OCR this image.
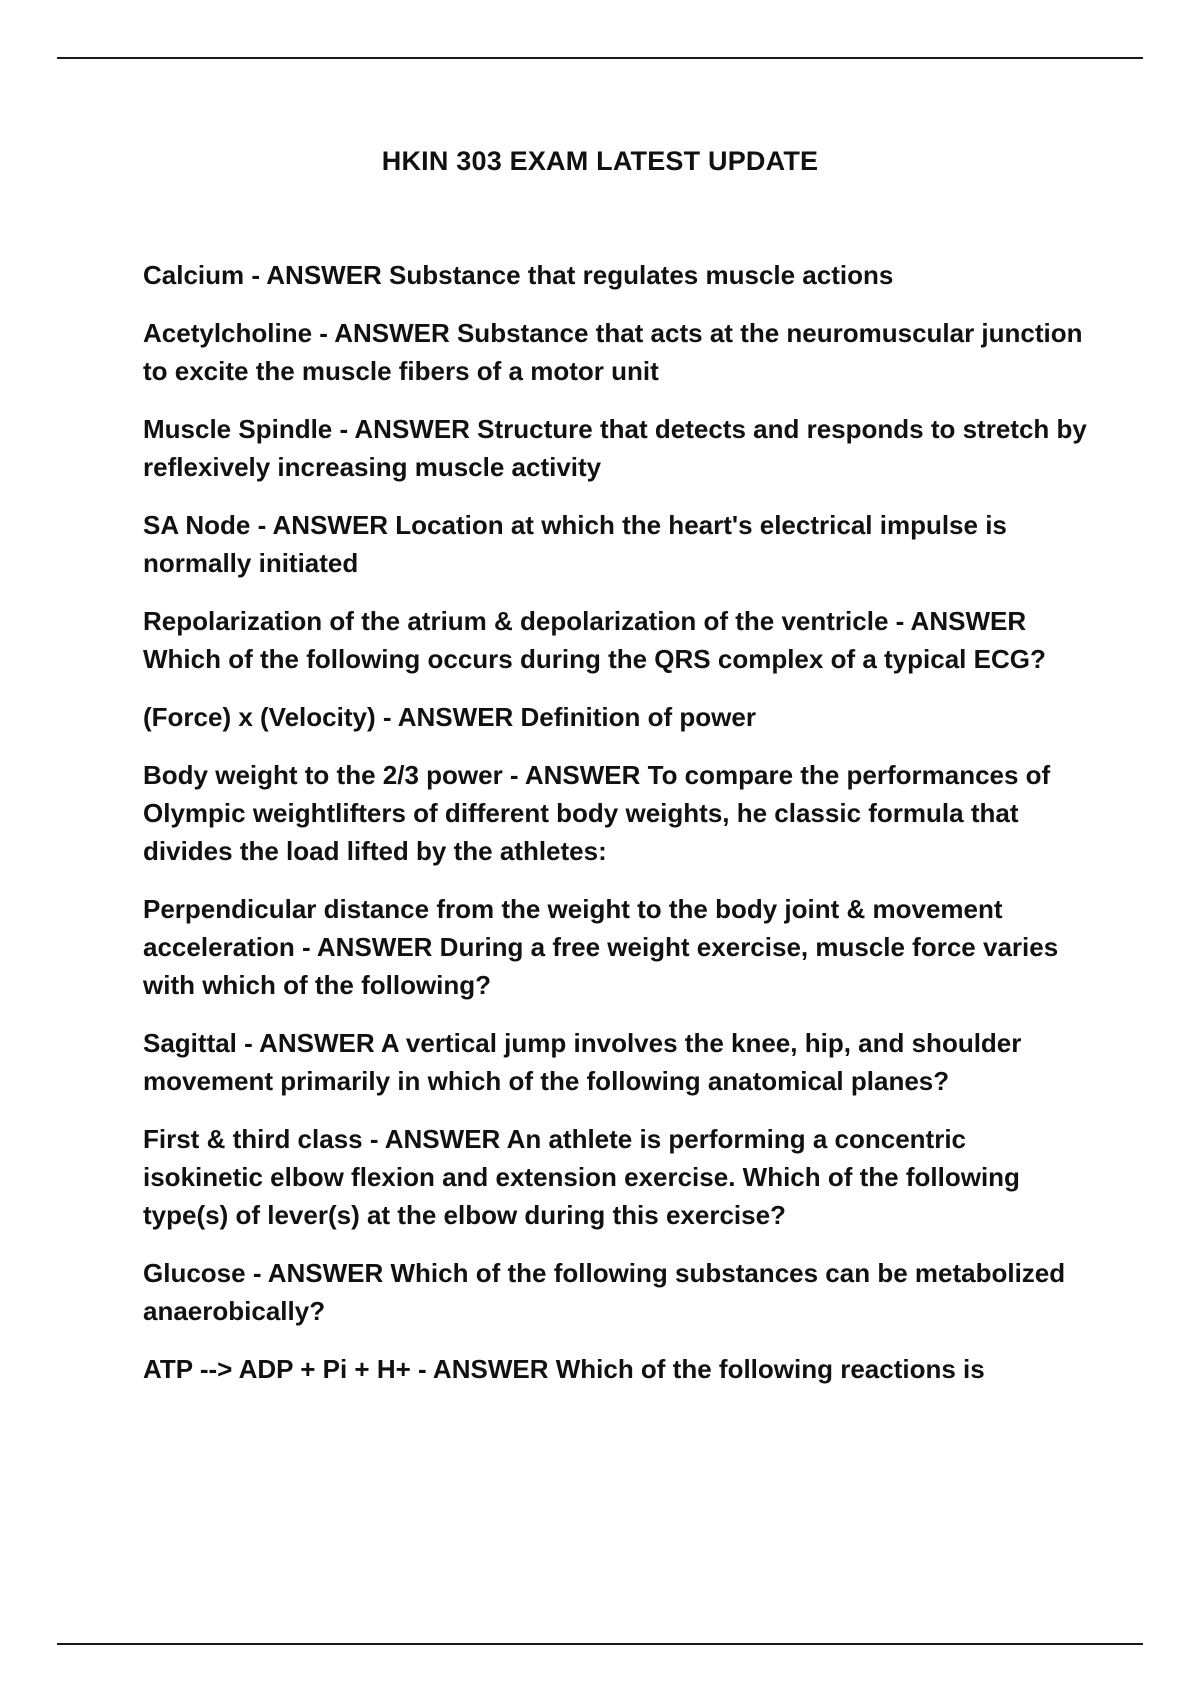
HKIN 303 EXAM LATEST UPDATE
Calcium - ANSWER Substance that regulates muscle actions
Acetylcholine - ANSWER Substance that acts at the neuromuscular junction to excite the muscle fibers of a motor unit
Muscle Spindle - ANSWER Structure that detects and responds to stretch by reflexively increasing muscle activity
SA Node - ANSWER Location at which the heart's electrical impulse is normally initiated
Repolarization of the atrium & depolarization of the ventricle - ANSWER Which of the following occurs during the QRS complex of a typical ECG?
(Force) x (Velocity) - ANSWER Definition of power
Body weight to the 2/3 power - ANSWER To compare the performances of Olympic weightlifters of different body weights, he classic formula that divides the load lifted by the athletes:
Perpendicular distance from the weight to the body joint & movement acceleration - ANSWER During a free weight exercise, muscle force varies with which of the following?
Sagittal - ANSWER A vertical jump involves the knee, hip, and shoulder movement primarily in which of the following anatomical planes?
First & third class - ANSWER An athlete is performing a concentric isokinetic elbow flexion and extension exercise. Which of the following type(s) of lever(s) at the elbow during this exercise?
Glucose - ANSWER Which of the following substances can be metabolized anaerobically?
ATP --> ADP + Pi + H+ - ANSWER Which of the following reactions is
